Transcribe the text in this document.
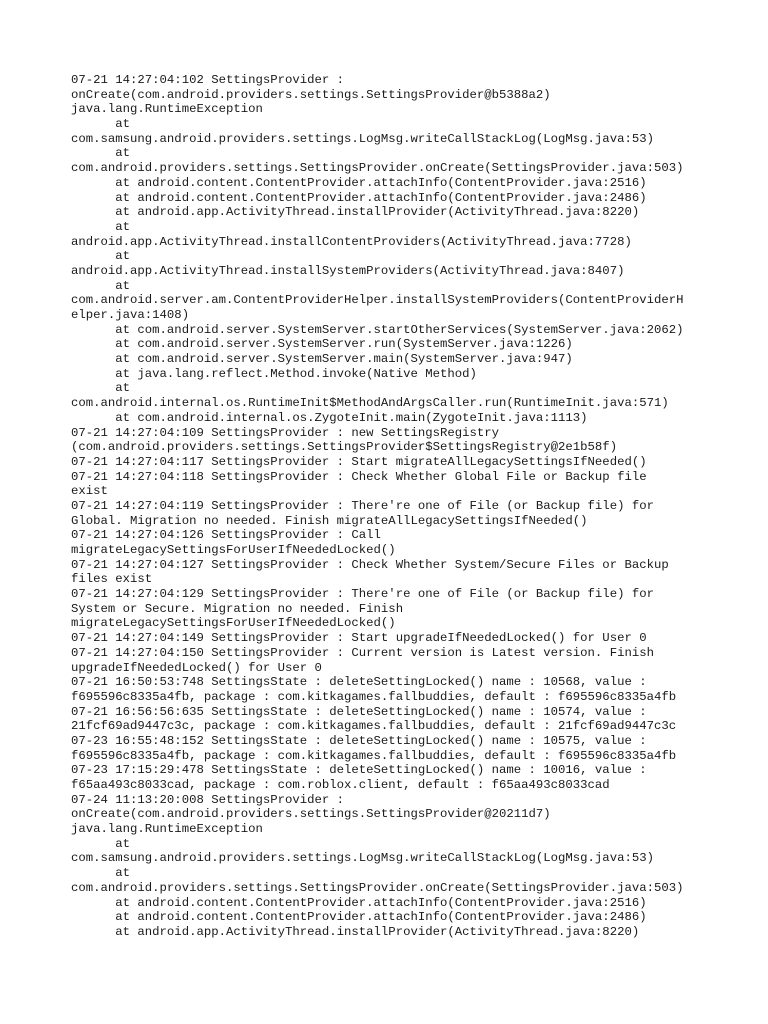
07-21 14:27:04:102 SettingsProvider :
onCreate(com.android.providers.settings.SettingsProvider@b5388a2)
java.lang.RuntimeException
at
com.samsung.android.providers.settings.LogMsg.writeCallStackLog(LogMsg.java:53)
at
com.android.providers.settings.SettingsProvider.onCreate(SettingsProvider.java:503)
at android.content.ContentProvider.attachInfo(ContentProvider.java:2516)
at android.content.ContentProvider.attachInfo(ContentProvider.java:2486)
at android.app.ActivityThread.installProvider(ActivityThread.java:8220)
at
android.app.ActivityThread.installContentProviders(ActivityThread.java:7728)
at
android.app.ActivityThread.installSystemProviders(ActivityThread.java:8407)
at
com.android.server.am.ContentProviderHelper.installSystemProviders(ContentProviderH
elper.java:1408)
at com.android.server.SystemServer.startOtherServices(SystemServer.java:2062)
at com.android.server.SystemServer.run(SystemServer.java:1226)
at com.android.server.SystemServer.main(SystemServer.java:947)
at java.lang.reflect.Method.invoke(Native Method)
at
com.android.internal.os.RuntimeInit$MethodAndArgsCaller.run(RuntimeInit.java:571)
at com.android.internal.os.ZygoteInit.main(ZygoteInit.java:1113)
07-21 14:27:04:109 SettingsProvider : new SettingsRegistry
(com.android.providers.settings.SettingsProvider$SettingsRegistry@2e1b58f)
07-21 14:27:04:117 SettingsProvider : Start migrateAllLegacySettingsIfNeeded()
07-21 14:27:04:118 SettingsProvider : Check Whether Global File or Backup file
exist
07-21 14:27:04:119 SettingsProvider : There're one of File (or Backup file) for
Global. Migration no needed. Finish migrateAllLegacySettingsIfNeeded()
07-21 14:27:04:126 SettingsProvider : Call
migrateLegacySettingsForUserIfNeededLocked()
07-21 14:27:04:127 SettingsProvider : Check Whether System/Secure Files or Backup
files exist
07-21 14:27:04:129 SettingsProvider : There're one of File (or Backup file) for
System or Secure. Migration no needed. Finish
migrateLegacySettingsForUserIfNeededLocked()
07-21 14:27:04:149 SettingsProvider : Start upgradeIfNeededLocked() for User 0
07-21 14:27:04:150 SettingsProvider : Current version is Latest version. Finish
upgradeIfNeededLocked() for User 0
07-21 16:50:53:748 SettingsState : deleteSettingLocked() name : 10568, value :
f695596c8335a4fb, package : com.kitkagames.fallbuddies, default : f695596c8335a4fb
07-21 16:56:56:635 SettingsState : deleteSettingLocked() name : 10574, value :
21fcf69ad9447c3c, package : com.kitkagames.fallbuddies, default : 21fcf69ad9447c3c
07-23 16:55:48:152 SettingsState : deleteSettingLocked() name : 10575, value :
f695596c8335a4fb, package : com.kitkagames.fallbuddies, default : f695596c8335a4fb
07-23 17:15:29:478 SettingsState : deleteSettingLocked() name : 10016, value :
f65aa493c8033cad, package : com.roblox.client, default : f65aa493c8033cad
07-24 11:13:20:008 SettingsProvider :
onCreate(com.android.providers.settings.SettingsProvider@20211d7)
java.lang.RuntimeException
at
com.samsung.android.providers.settings.LogMsg.writeCallStackLog(LogMsg.java:53)
at
com.android.providers.settings.SettingsProvider.onCreate(SettingsProvider.java:503)
at android.content.ContentProvider.attachInfo(ContentProvider.java:2516)
at android.content.ContentProvider.attachInfo(ContentProvider.java:2486)
at android.app.ActivityThread.installProvider(ActivityThread.java:8220)
